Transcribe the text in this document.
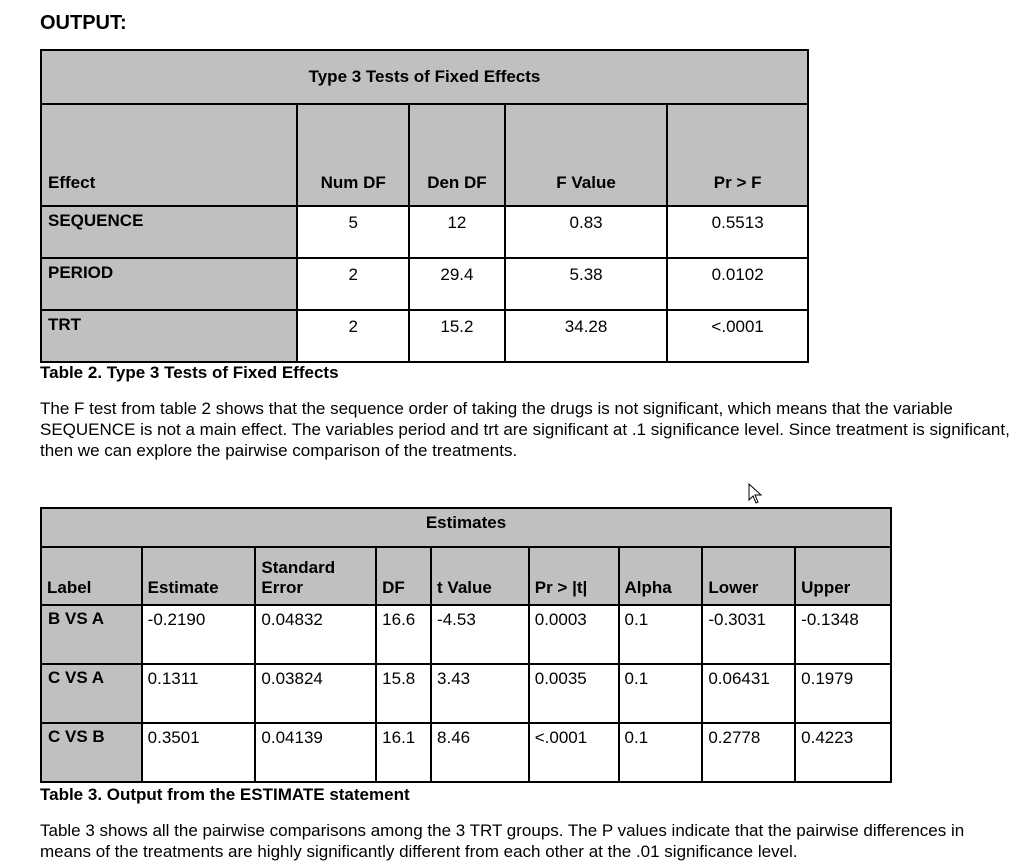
OUTPUT:
Type 3 Tests of Fixed Effects				
Effect	Num DF	Den DF	F Value	Pr > F
SEQUENCE	5	12	0.83	0.5513
PERIOD	2	29.4	5.38	0.0102
TRT	2	15.2	34.28	<.0001
Table 2. Type 3 Tests of Fixed Effects
The F test from table 2 shows that the sequence order of taking the drugs is not significant, which means that the variable SEQUENCE is not a main effect. The variables period and trt are significant at .1 significance level. Since treatment is significant, then we can explore the pairwise comparison of the treatments.
Estimates								
Label	Estimate	Standard Error	DF	t Value	Pr > |t|	Alpha	Lower	Upper
B VS A	-0.2190	0.04832	16.6	-4.53	0.0003	0.1	-0.3031	-0.1348
C VS A	0.1311	0.03824	15.8	3.43	0.0035	0.1	0.06431	0.1979
C VS B	0.3501	0.04139	16.1	8.46	<.0001	0.1	0.2778	0.4223
Table 3. Output from the ESTIMATE statement
Table 3 shows all the pairwise comparisons among the 3 TRT groups. The P values indicate that the pairwise differences in means of the treatments are highly significantly different from each other at the .01 significance level.
